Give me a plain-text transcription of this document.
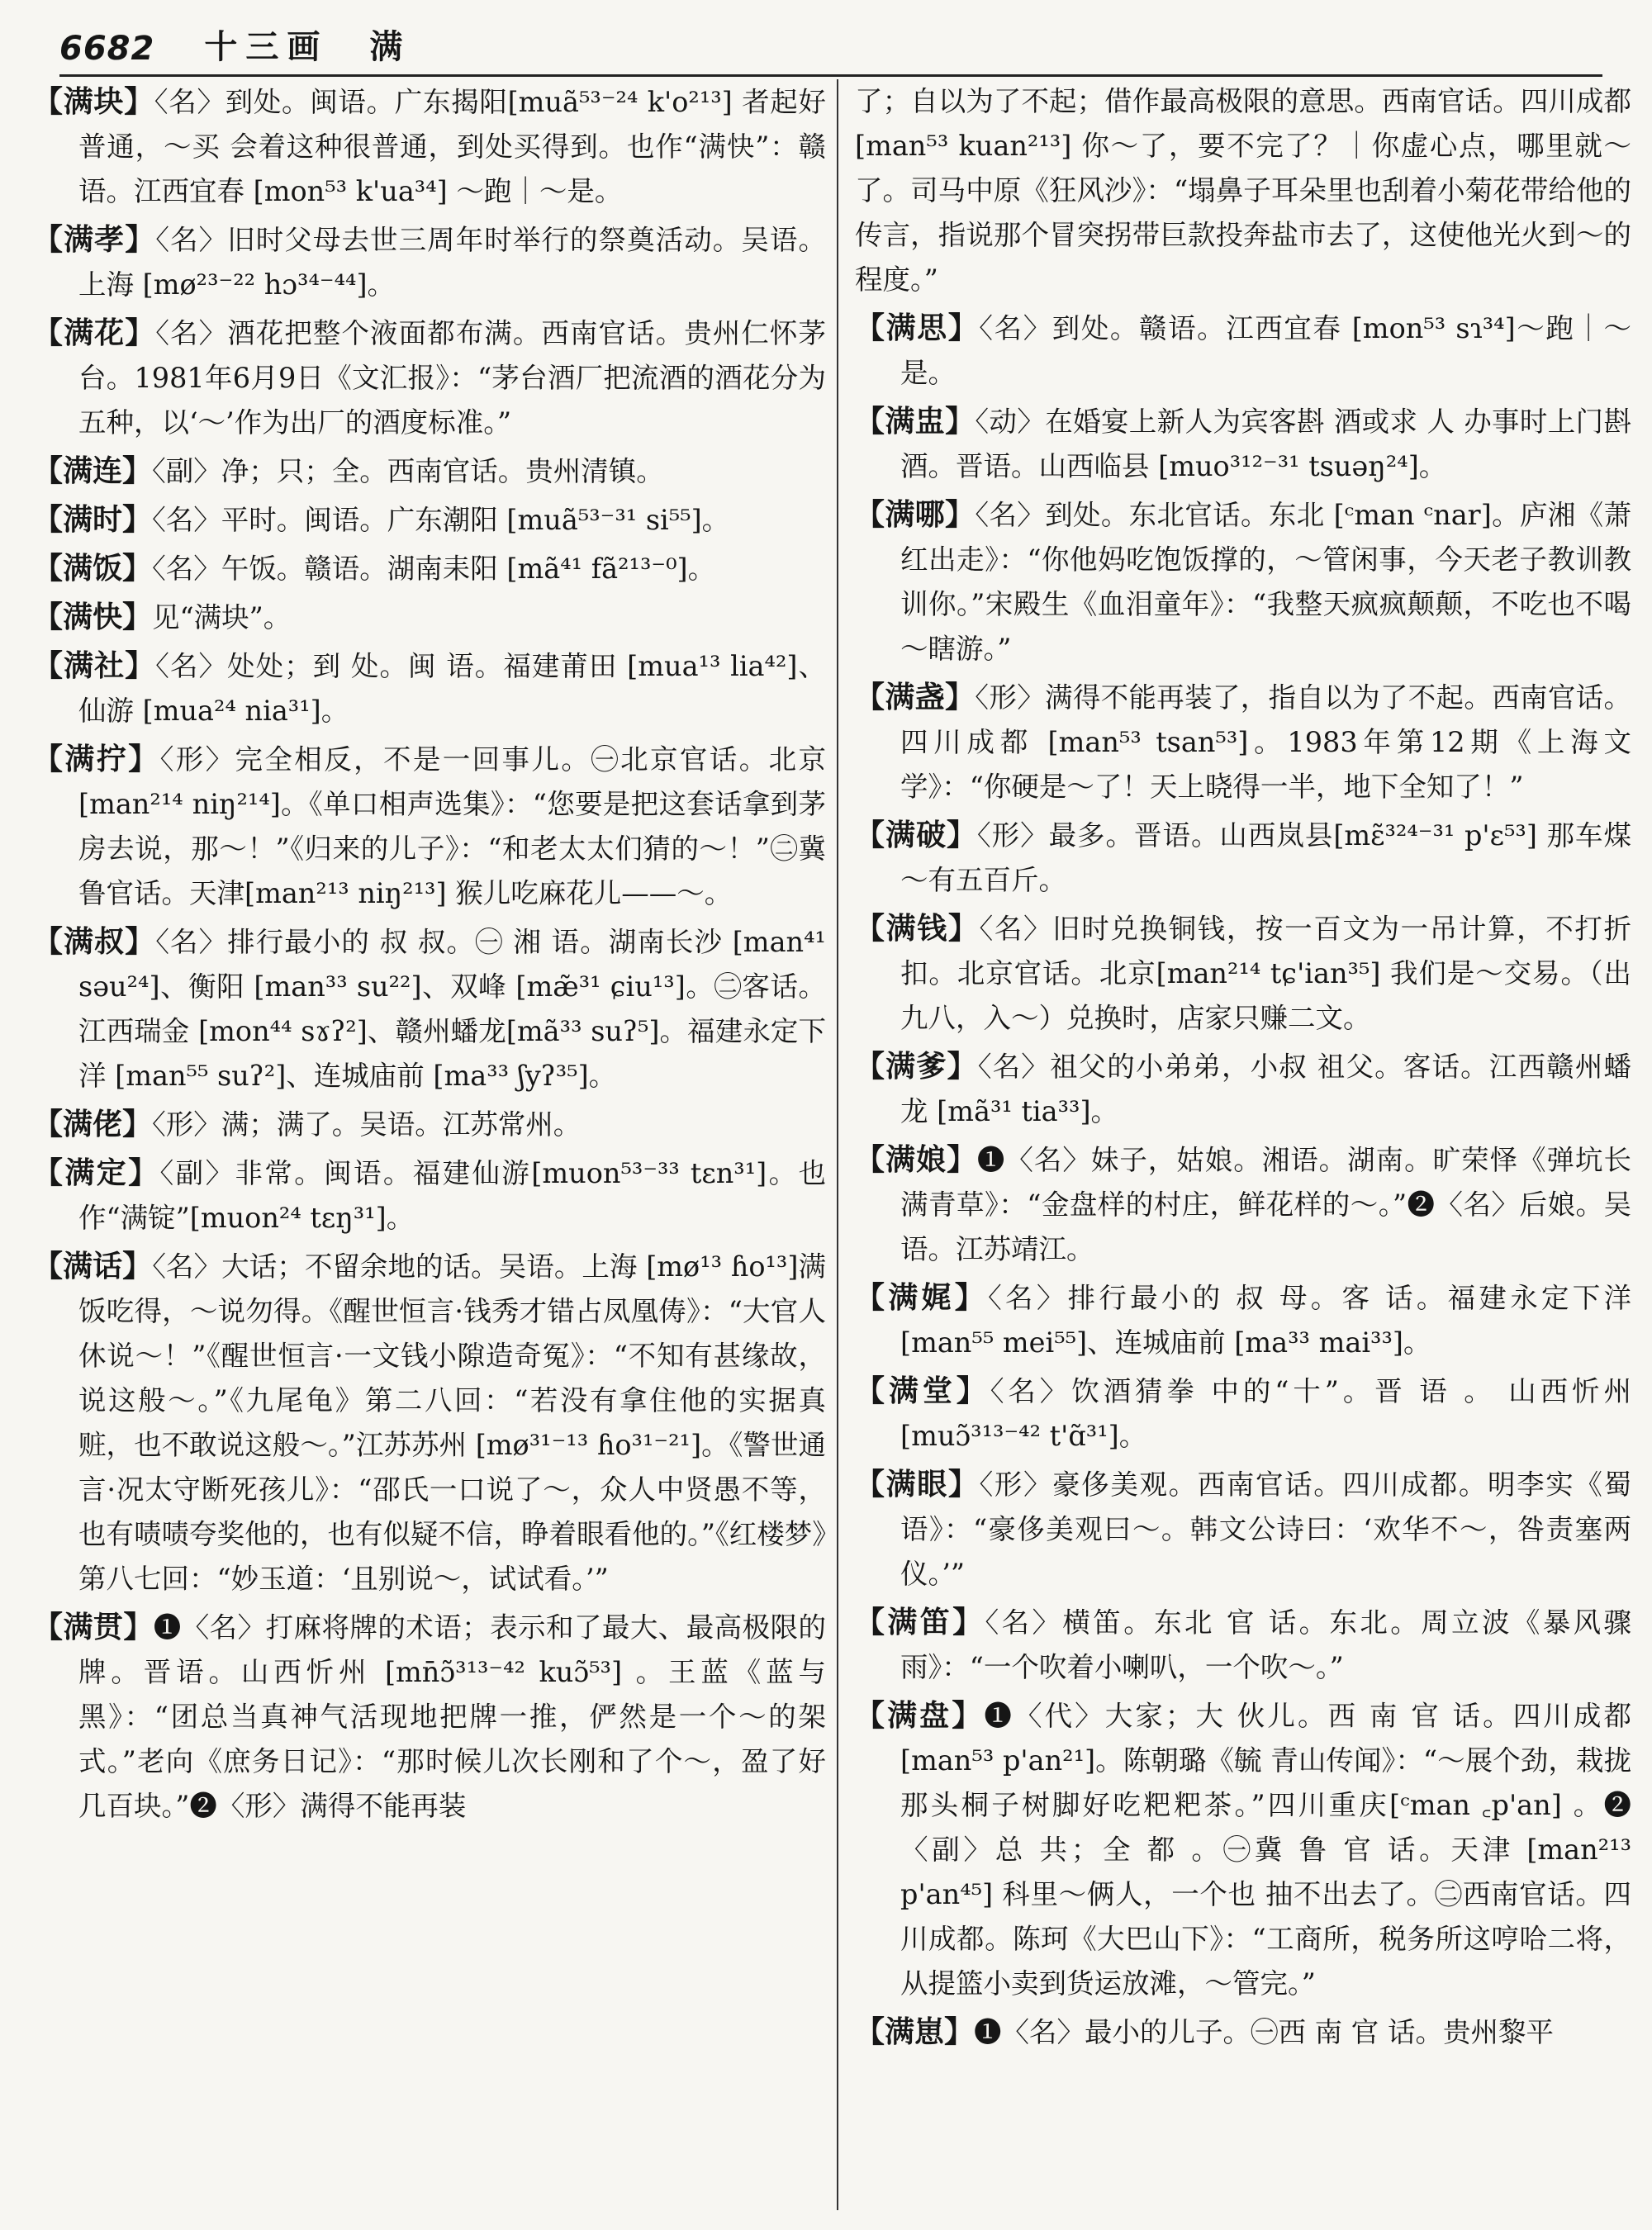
6682 十三画　满

【满块】〈名〉到处。闽语。广东揭阳[muã⁵³⁻²⁴ k'o²¹³] 者起好普通，～买 会着这种很普通，到处买得到。也作“满快”：赣语。江西宜春 [mon⁵³ k'ua³⁴] ～跑｜～是。

【满孝】〈名〉旧时父母去世三周年时举行的祭奠活动。吴语。上海 [mø²³⁻²² hɔ³⁴⁻⁴⁴]。

【满花】〈名〉酒花把整个液面都布满。西南官话。贵州仁怀茅台。1981年6月9日《文汇报》：“茅台酒厂把流酒的酒花分为五种，以‘～’作为出厂的酒度标准。”

【满连】〈副〉净；只；全。西南官话。贵州清镇。

【满时】〈名〉平时。闽语。广东潮阳 [muã⁵³⁻³¹ si⁵⁵]。

【满饭】〈名〉午饭。赣语。湖南耒阳 [mã⁴¹ fã²¹³⁻⁰]。

【满快】见“满块”。

【满社】〈名〉处处；到 处。闽 语。福建莆田 [mua¹³ lia⁴²]、仙游 [mua²⁴ nia³¹]。

【满拧】〈形〉完全相反，不是一回事儿。㊀北京官话。北京 [man²¹⁴ niŋ²¹⁴]。《单口相声选集》：“您要是把这套话拿到茅房去说，那～！”《归来的儿子》：“和老太太们猜的～！”㊁冀鲁官话。天津[man²¹³ niŋ²¹³] 猴儿吃麻花儿——～。

【满叔】〈名〉排行最小的 叔 叔。㊀ 湘 语。湖南长沙 [man⁴¹ səu²⁴]、衡阳 [man³³ su²²]、双峰 [mæ̃³¹ ɕiu¹³]。㊁客话。江西瑞金 [mon⁴⁴ sɤʔ²]、赣州蟠龙[mã³³ suʔ⁵]。福建永定下洋 [man⁵⁵ suʔ²]、连城庙前 [ma³³ ʃyʔ³⁵]。

【满佬】〈形〉满；满了。吴语。江苏常州。

【满定】〈副〉非常。闽语。福建仙游[muon⁵³⁻³³ tɛn³¹]。也作“满锭”[muon²⁴ tɛŋ³¹]。

【满话】〈名〉大话；不留余地的话。吴语。上海 [mø¹³ ɦo¹³]满饭吃得，～说勿得。《醒世恒言·钱秀才错占凤凰俦》：“大官人休说～！”《醒世恒言·一文钱小隙造奇冤》：“不知有甚缘故，说这般～。”《九尾龟》第二八回：“若没有拿住他的实据真赃，也不敢说这般～。”江苏苏州 [mø³¹⁻¹³ ɦo³¹⁻²¹]。《警世通言·况太守断死孩儿》：“邵氏一口说了～，众人中贤愚不等，也有啧啧夸奖他的，也有似疑不信，睁着眼看他的。”《红楼梦》第八七回：“妙玉道：‘且别说～，试试看。’”

【满贯】❶〈名〉打麻将牌的术语；表示和了最大、最高极限的牌。晋语。山西忻州 [mn̄ɔ̃³¹³⁻⁴² kuɔ̃⁵³] 。王蓝《蓝与黑》：“团总当真神气活现地把牌一推，俨然是一个～的架式。”老向《庶务日记》：“那时候儿次长刚和了个～，盈了好几百块。”❷〈形〉满得不能再装

了；自以为了不起；借作最高极限的意思。西南官话。四川成都 [man⁵³ kuan²¹³] 你～了，要不完了？｜你虚心点，哪里就～了。司马中原《狂风沙》：“塌鼻子耳朵里也刮着小菊花带给他的传言，指说那个冒突拐带巨款投奔盐市去了，这使他光火到～的程度。”

【满思】〈名〉到处。赣语。江西宜春 [mon⁵³ sɿ³⁴]～跑｜～是。

【满盅】〈动〉在婚宴上新人为宾客斟 酒或求 人 办事时上门斟酒。晋语。山西临县 [muo³¹²⁻³¹ tsuəŋ²⁴]。

【满哪】〈名〉到处。东北官话。东北 [ᶜman ᶜnar]。庐湘《萧红出走》：“你他妈吃饱饭撑的，～管闲事，今天老子教训教训你。”宋殿生《血泪童年》：“我整天疯疯颠颠，不吃也不喝～瞎游。”

【满盏】〈形〉满得不能再装了，指自以为了不起。西南官话。四川成都 [man⁵³ tsan⁵³]。1983年第12期《上海文学》：“你硬是～了！天上晓得一半，地下全知了！”

【满破】〈形〉最多。晋语。山西岚县[mɛ̃³²⁴⁻³¹ p'ɛ⁵³] 那车煤～有五百斤。

【满钱】〈名〉旧时兑换铜钱，按一百文为一吊计算，不打折扣。北京官话。北京[man²¹⁴ tɕ'ian³⁵] 我们是～交易。（出九八，入～）兑换时，店家只赚二文。

【满爹】〈名〉祖父的小弟弟，小叔 祖父。客话。江西赣州蟠龙 [mã³¹ tia³³]。

【满娘】❶〈名〉妹子，姑娘。湘语。湖南。旷荣怿《弹坑长满青草》：“金盘样的村庄，鲜花样的～。”❷〈名〉后娘。吴语。江苏靖江。

【满娓】〈名〉排行最小的 叔 母。客 话。福建永定下洋 [man⁵⁵ mei⁵⁵]、连城庙前 [ma³³ mai³³]。

【满堂】〈名〉饮酒猜拳 中的“十”。晋 语 。 山西忻州 [muɔ̃³¹³⁻⁴² t'ɑ̃³¹]。

【满眼】〈形〉豪侈美观。西南官话。四川成都。明李实《蜀语》：“豪侈美观曰～。韩文公诗曰：‘欢华不～，咎责塞两仪。’”

【满笛】〈名〉横笛。东北 官 话。东北。周立波《暴风骤雨》：“一个吹着小喇叭，一个吹～。”

【满盘】❶〈代〉大家；大 伙儿。西 南 官 话。四川成都 [man⁵³ p'an²¹]。陈朝璐《毓 青山传闻》：“～展个劲，栽拢那头桐子树脚好吃粑粑茶。”四川重庆[ᶜman ꜀p'an] 。❷〈副〉总 共；全 都 。㊀冀 鲁 官 话。天津 [man²¹³ p'an⁴⁵] 科里～俩人，一个也 抽不出去了。㊁西南官话。四川成都。陈珂《大巴山下》：“工商所，税务所这哼哈二将，从提篮小卖到货运放滩，～管完。”

【满崽】❶〈名〉最小的儿子。㊀西 南 官 话。贵州黎平
